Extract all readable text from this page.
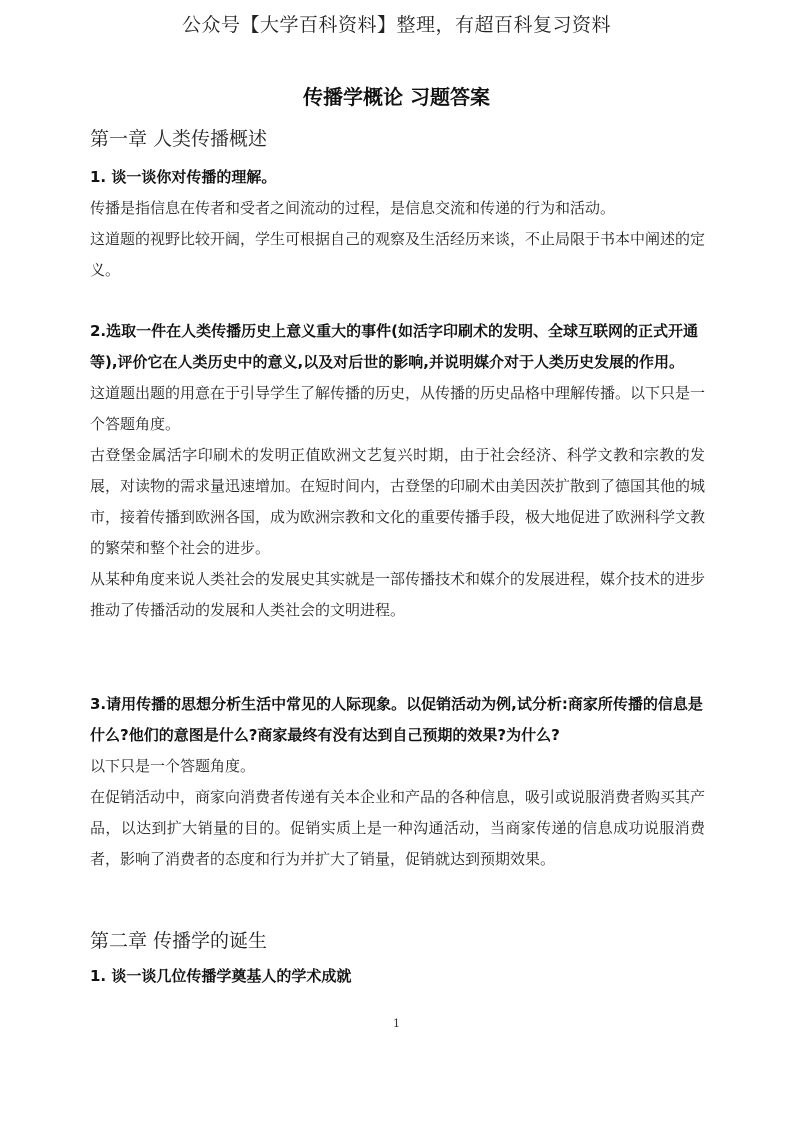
公众号【大学百科资料】整理，有超百科复习资料
传播学概论 习题答案
第一章 人类传播概述

1. 谈一谈你对传播的理解。

传播是指信息在传者和受者之间流动的过程，是信息交流和传递的行为和活动。

这道题的视野比较开阔，学生可根据自己的观察及生活经历来谈，不止局限于书本中阐述的定义。

2.选取一件在人类传播历史上意义重大的事件(如活字印刷术的发明、全球互联网的正式开通等),评价它在人类历史中的意义,以及对后世的影响,并说明媒介对于人类历史发展的作用。

这道题出题的用意在于引导学生了解传播的历史，从传播的历史品格中理解传播。以下只是一个答题角度。

古登堡金属活字印刷术的发明正值欧洲文艺复兴时期，由于社会经济、科学文教和宗教的发展，对读物的需求量迅速增加。在短时间内，古登堡的印刷术由美因茨扩散到了德国其他的城市，接着传播到欧洲各国，成为欧洲宗教和文化的重要传播手段，极大地促进了欧洲科学文教的繁荣和整个社会的进步。

从某种角度来说人类社会的发展史其实就是一部传播技术和媒介的发展进程，媒介技术的进步推动了传播活动的发展和人类社会的文明进程。

3.请用传播的思想分析生活中常见的人际现象。以促销活动为例,试分析:商家所传播的信息是什么?他们的意图是什么?商家最终有没有达到自己预期的效果?为什么?

以下只是一个答题角度。

在促销活动中，商家向消费者传递有关本企业和产品的各种信息，吸引或说服消费者购买其产品，以达到扩大销量的目的。促销实质上是一种沟通活动，当商家传递的信息成功说服消费者，影响了消费者的态度和行为并扩大了销量，促销就达到预期效果。

第二章 传播学的诞生

1. 谈一谈几位传播学奠基人的学术成就

1
